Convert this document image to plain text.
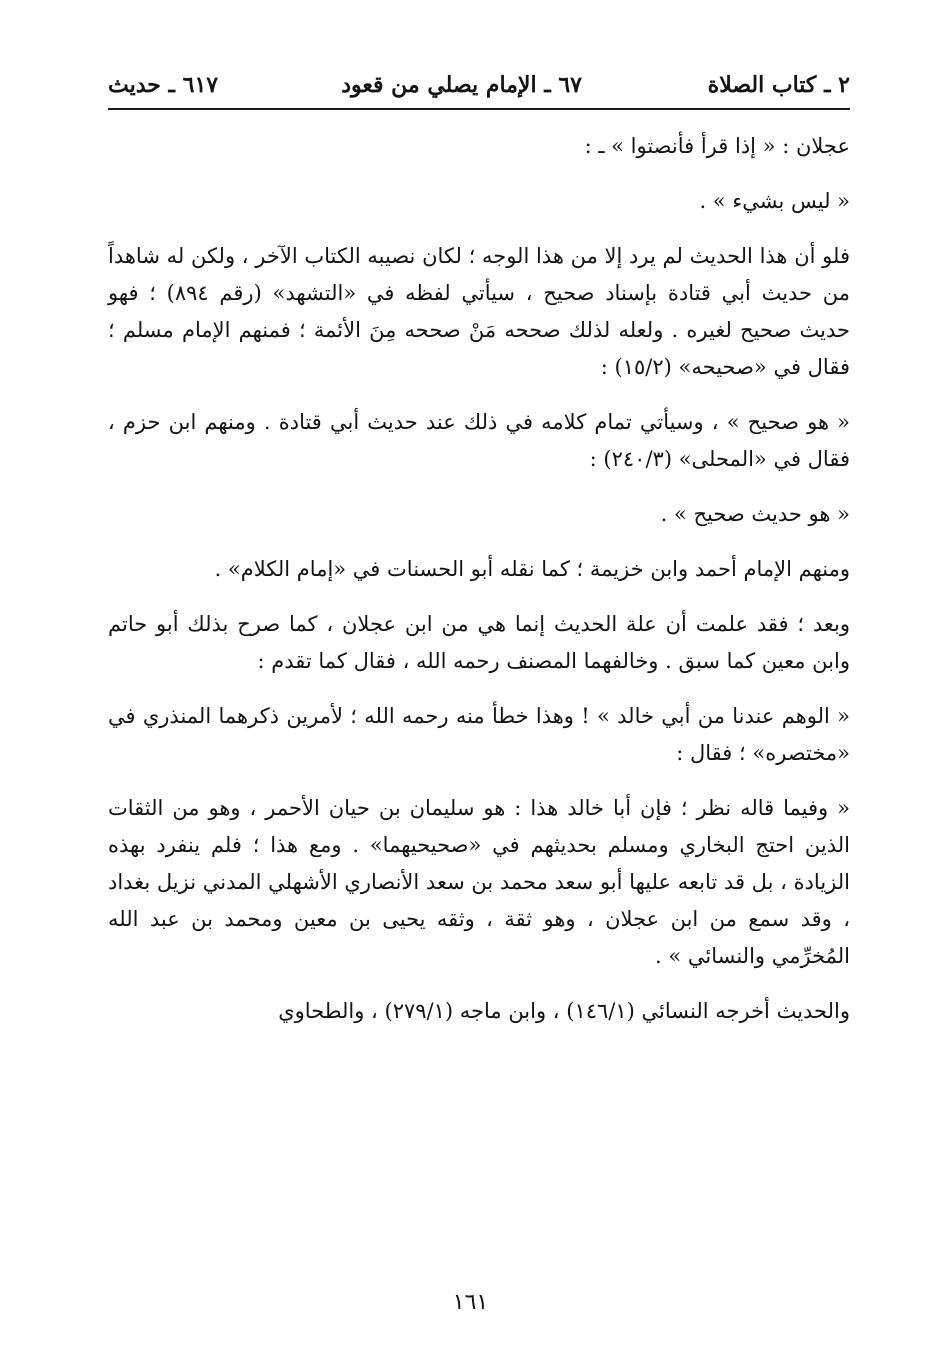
٢ ـ كتاب الصلاة
٦٧ ـ الإمام يصلي من قعود
٦١٧ ـ حديث

عجلان : « إذا قرأ فأنصتوا » ـ :

« ليس بشيء » .

فلو أن هذا الحديث لم يرد إلا من هذا الوجه ؛ لكان نصيبه الكتاب الآخر ، ولكن له شاهداً من حديث أبي قتادة بإسناد صحيح ، سيأتي لفظه في «التشهد» (رقم ٨٩٤) ؛ فهو حديث صحيح لغيره . ولعله لذلك صححه مَنْ صححه مِنَ الأئمة ؛ فمنهم الإمام مسلم ؛ فقال في «صحيحه» (١٥/٢) :

« هو صحيح » ، وسيأتي تمام كلامه في ذلك عند حديث أبي قتادة . ومنهم ابن حزم ، فقال في «المحلى» (٢٤٠/٣) :

« هو حديث صحيح » .

ومنهم الإمام أحمد وابن خزيمة ؛ كما نقله أبو الحسنات في «إمام الكلام» .

وبعد ؛ فقد علمت أن علة الحديث إنما هي من ابن عجلان ، كما صرح بذلك أبو حاتم وابن معين كما سبق . وخالفهما المصنف رحمه الله ، فقال كما تقدم :

« الوهم عندنا من أبي خالد » ! وهذا خطأ منه رحمه الله ؛ لأمرين ذكرهما المنذري في «مختصره» ؛ فقال :

« وفيما قاله نظر ؛ فإن أبا خالد هذا : هو سليمان بن حيان الأحمر ، وهو من الثقات الذين احتج البخاري ومسلم بحديثهم في «صحيحيهما» . ومع هذا ؛ فلم ينفرد بهذه الزيادة ، بل قد تابعه عليها أبو سعد محمد بن سعد الأنصاري الأشهلي المدني نزيل بغداد ، وقد سمع من ابن عجلان ، وهو ثقة ، وثقه يحيى بن معين ومحمد بن عبد الله المُخرِّمي والنسائي » .

والحديث أخرجه النسائي (١٤٦/١) ، وابن ماجه (٢٧٩/١) ، والطحاوي

١٦١
